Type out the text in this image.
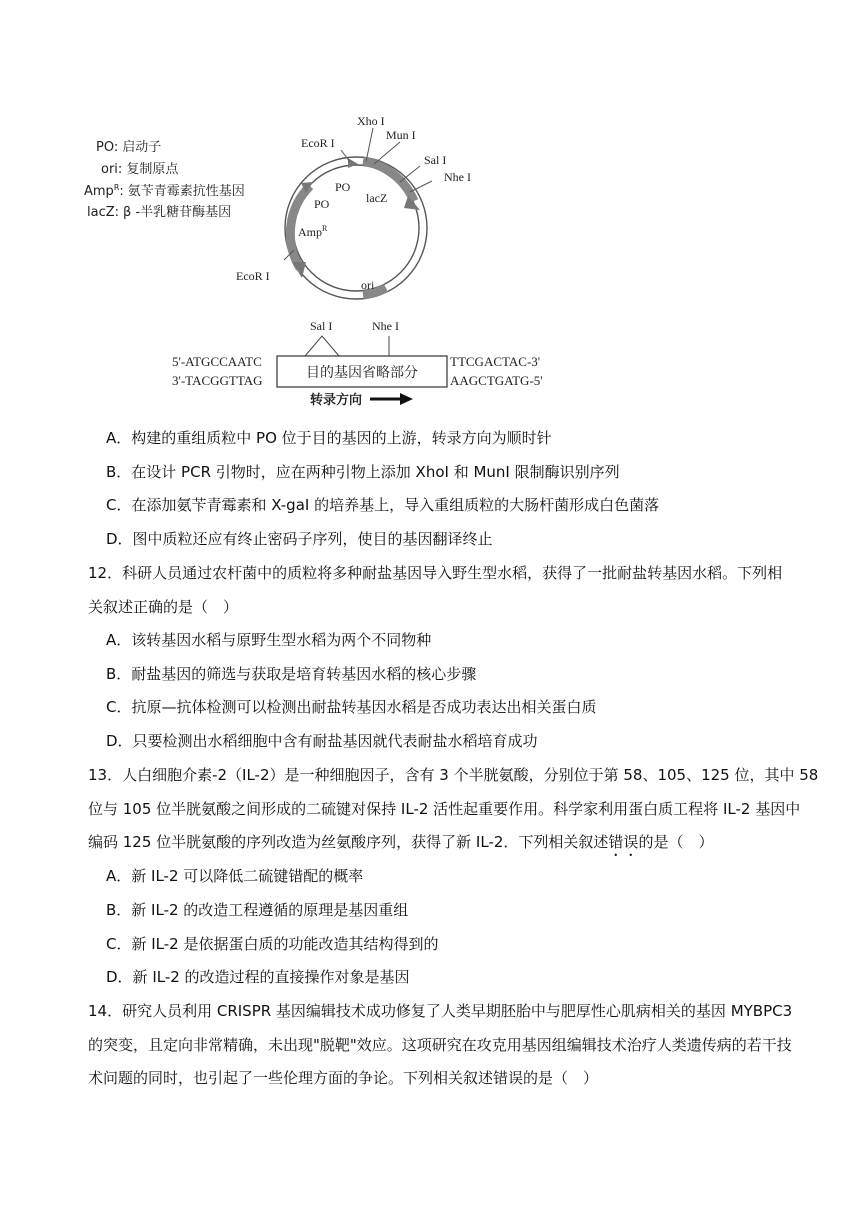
PO: 启动子
ori: 复制原点
Amp$^R$: 氨苄青霉素抗性基因
lacZ: β -半乳糖苷酶基因
EcoR I
Xho I
Mun I
Sal I
Nhe I
PO
PO	lacZ
Amp$^R$
EcoR I
ori
Sal I	Nhe I
目的基因省略部分
5'-ATGCCAATC
3'-TACGGTTAG
TTCGACTAC-3'
AAGCTGATG-5'
转录方向
A．构建的重组质粒中 PO 位于目的基因的上游，转录方向为顺时针
B．在设计 PCR 引物时，应在两种引物上添加 XhoI 和 MunI 限制酶识别序列
C．在添加氨苄青霉素和 X-gaI 的培养基上，导入重组质粒的大肠杆菌形成白色菌落
D．图中质粒还应有终止密码子序列，使目的基因翻译终止
12．科研人员通过农杆菌中的质粒将多种耐盐基因导入野生型水稻，获得了一批耐盐转基因水稻。下列相
关叙述正确的是（　）
A．该转基因水稻与原野生型水稻为两个不同物种
B．耐盐基因的筛选与获取是培育转基因水稻的核心步骤
C．抗原—抗体检测可以检测出耐盐转基因水稻是否成功表达出相关蛋白质
D．只要检测出水稻细胞中含有耐盐基因就代表耐盐水稻培育成功
13．人白细胞介素-2（IL-2）是一种细胞因子，含有 3 个半胱氨酸，分别位于第 58、105、125 位，其中 58
位与 105 位半胱氨酸之间形成的二硫键对保持 IL-2 活性起重要作用。科学家利用蛋白质工程将 IL-2 基因中
编码 125 位半胱氨酸的序列改造为丝氨酸序列，获得了新 IL-2．下列相关叙述错误的是（　）
A．新 IL-2 可以降低二硫键错配的概率
B．新 IL-2 的改造工程遵循的原理是基因重组
C．新 IL-2 是依据蛋白质的功能改造其结构得到的
D．新 IL-2 的改造过程的直接操作对象是基因
14．研究人员利用 CRISPR 基因编辑技术成功修复了人类早期胚胎中与肥厚性心肌病相关的基因 MYBPC3
的突变，且定向非常精确，未出现"脱靶"效应。这项研究在攻克用基因组编辑技术治疗人类遗传病的若干技
术问题的同时，也引起了一些伦理方面的争论。下列相关叙述错误的是（　）
